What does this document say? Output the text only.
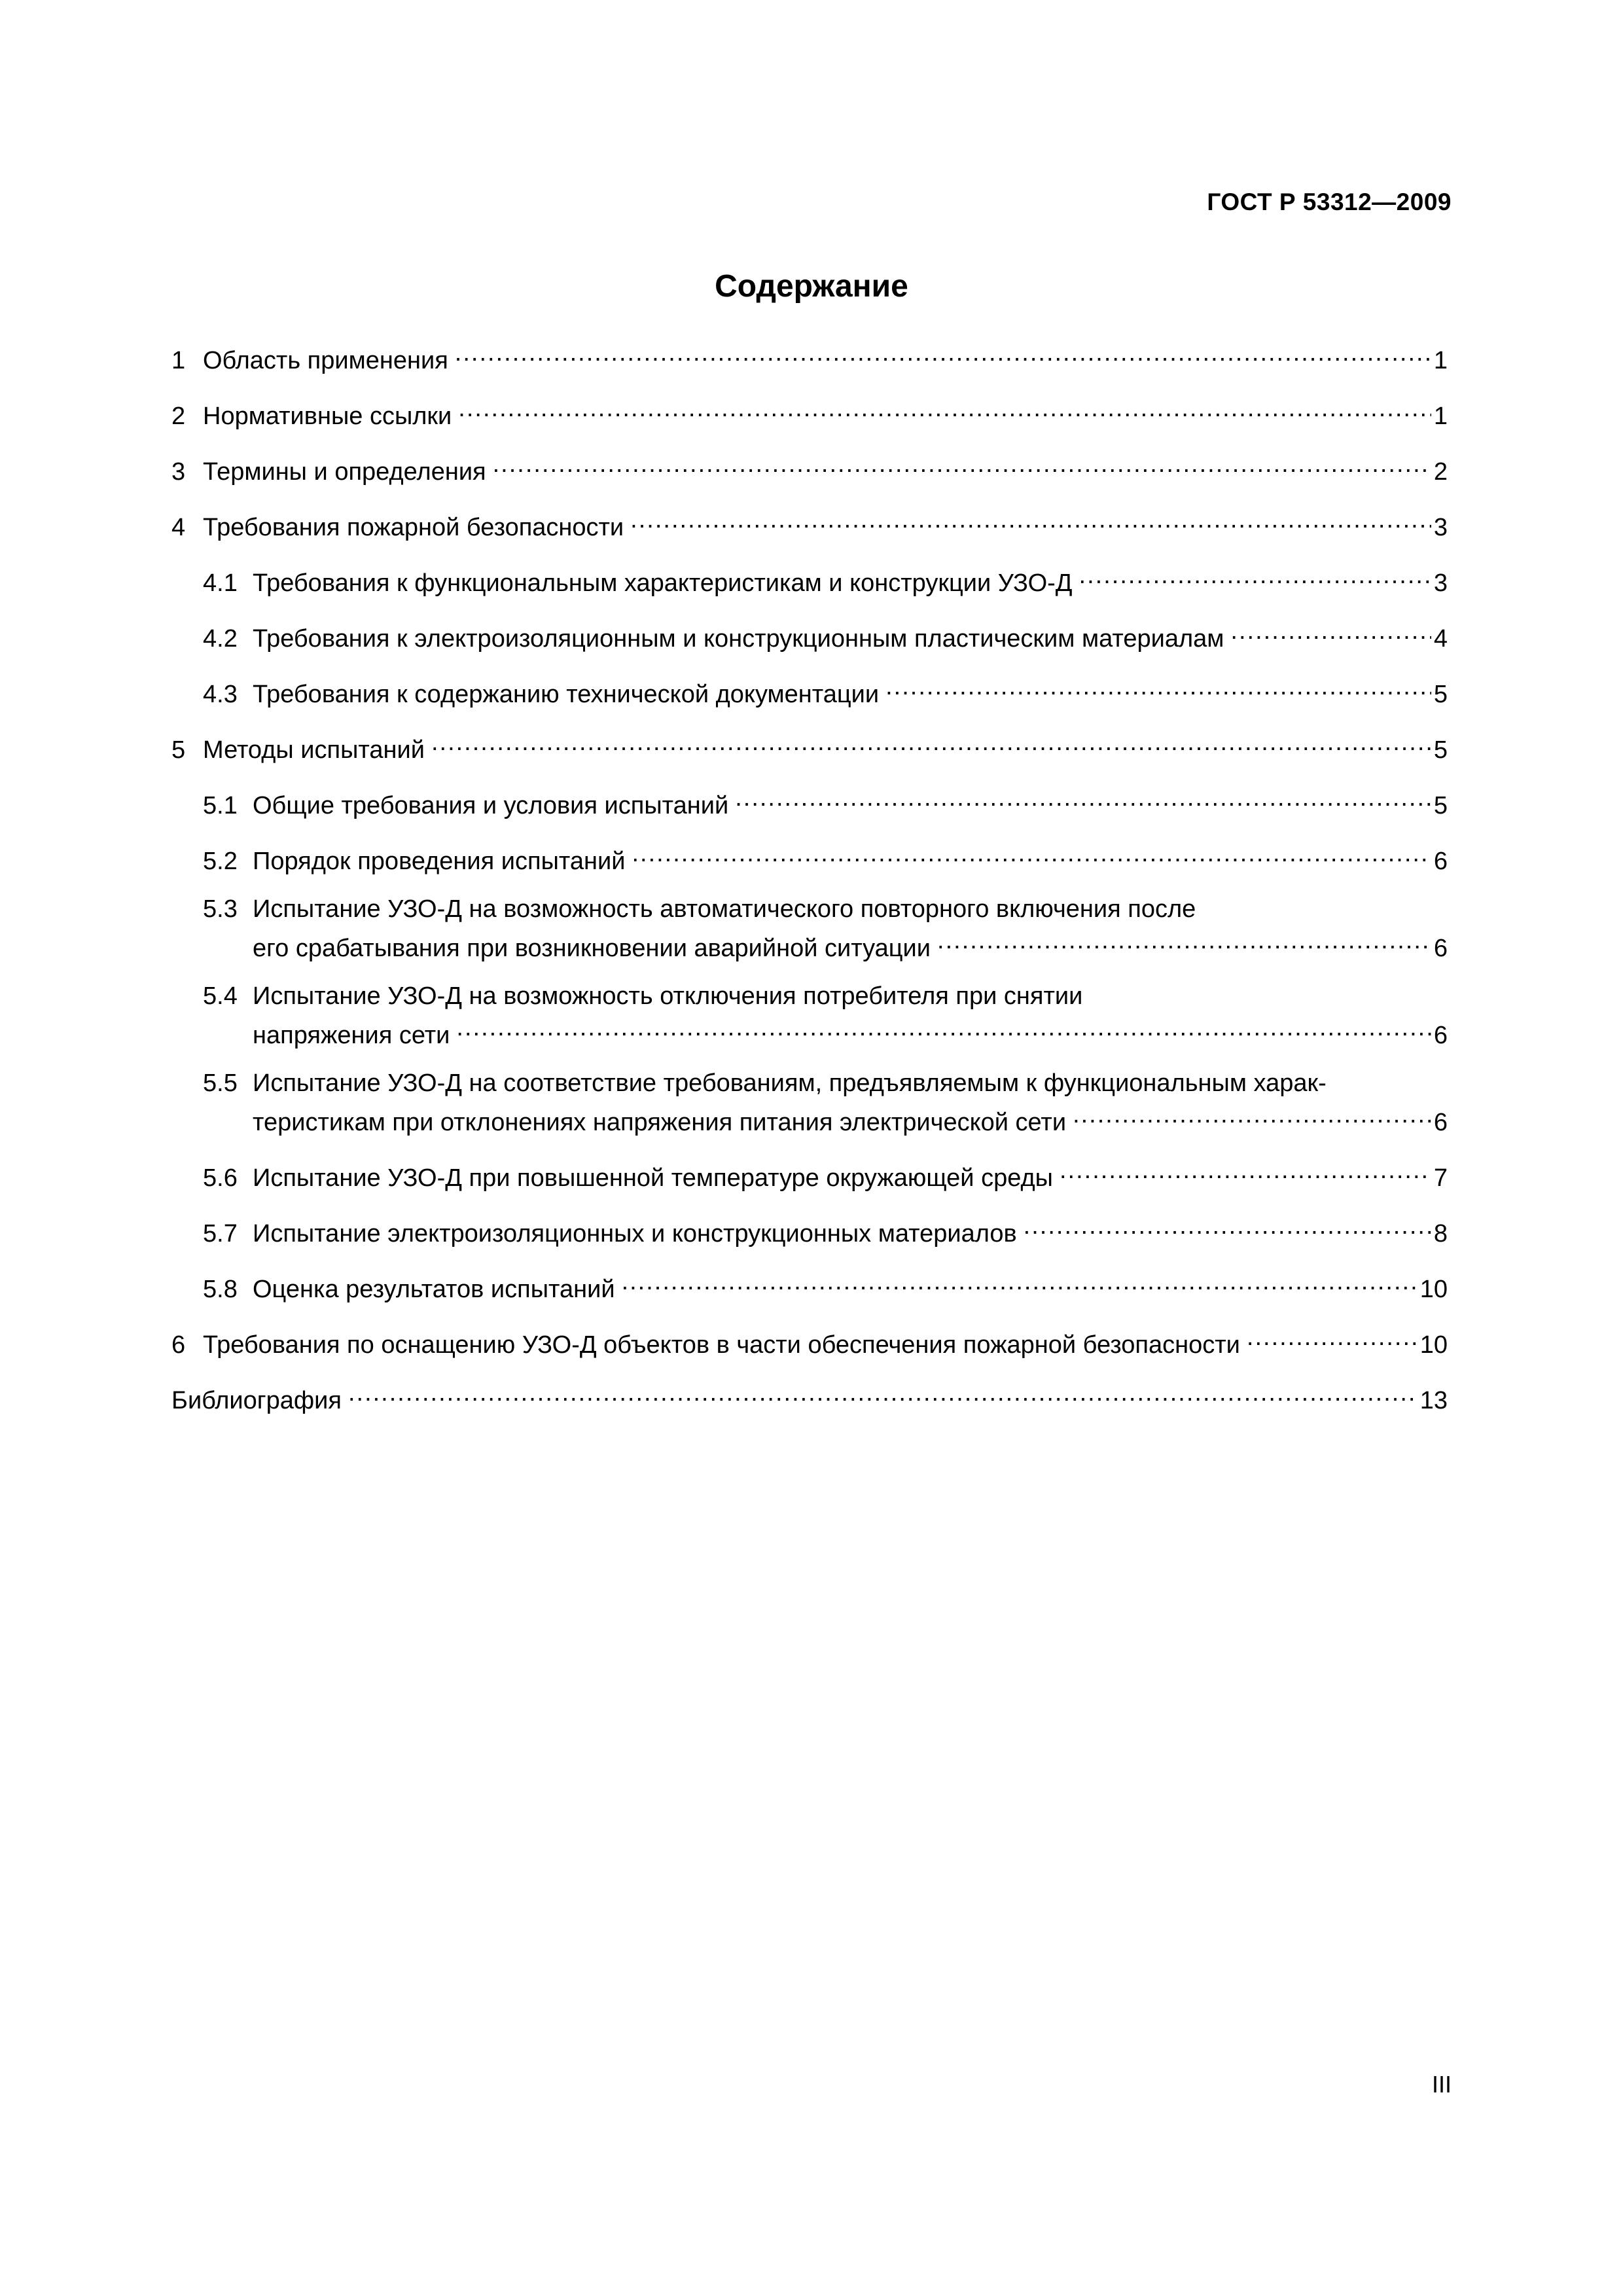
ГОСТ Р 53312—2009
Содержание
1 Область применения .....	1
2 Нормативные ссылки .....	1
3 Термины и определения .....	2
4 Требования пожарной безопасности .....	3
4.1 Требования к функциональным характеристикам и конструкции УЗО-Д .....	3
4.2 Требования к электроизоляционным и конструкционным пластическим материалам .....	4
4.3 Требования к содержанию технической документации .....	5
5 Методы испытаний .....	5
5.1 Общие требования и условия испытаний .....	5
5.2 Порядок проведения испытаний .....	6
5.3 Испытание УЗО-Д на возможность автоматического повторного включения после
его срабатывания при возникновении аварийной ситуации .....	6
5.4 Испытание УЗО-Д на возможность отключения потребителя при снятии
напряжения сети .....	6
5.5 Испытание УЗО-Д на соответствие требованиям, предъявляемым к функциональным харак-
теристикам при отклонениях напряжения питания электрической сети .....	6
5.6 Испытание УЗО-Д при повышенной температуре окружающей среды .....	7
5.7 Испытание электроизоляционных и конструкционных материалов .....	8
5.8 Оценка результатов испытаний .....	10
6 Требования по оснащению УЗО-Д объектов в части обеспечения пожарной безопасности .....	10
Библиография .....	13
III
